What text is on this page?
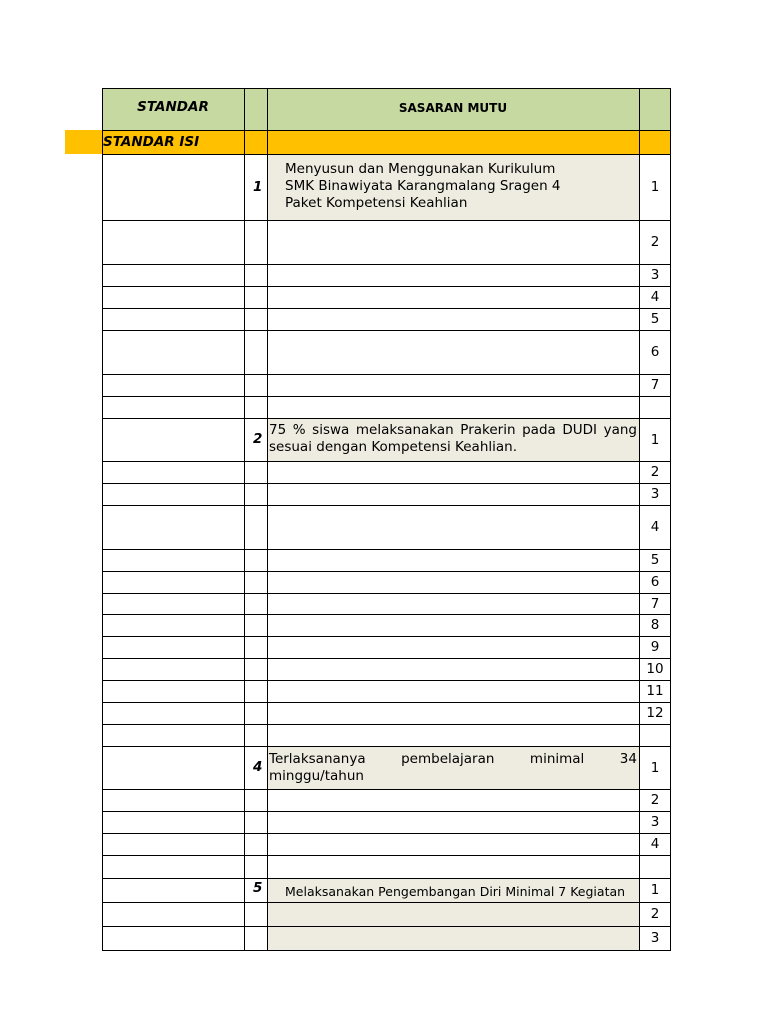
STANDAR	SASARAN MUTU
STANDAR ISI
1
2
4
5
Menyusun dan Menggunakan Kurikulum SMK Binawiyata Karangmalang Sragen 4 Paket Kompetensi Keahlian
75 % siswa melaksanakan Prakerin pada DUDI yang sesuai dengan Kompetensi Keahlian.
Terlaksananya pembelajaran minimal 34 minggu/tahun
Melaksanakan Pengembangan Diri Minimal 7 Kegiatan
1
2
3
4
5
6
7
1
2
3
4
5
6
7
8
9
10
11
12
1
2
3
4
1
2
3
